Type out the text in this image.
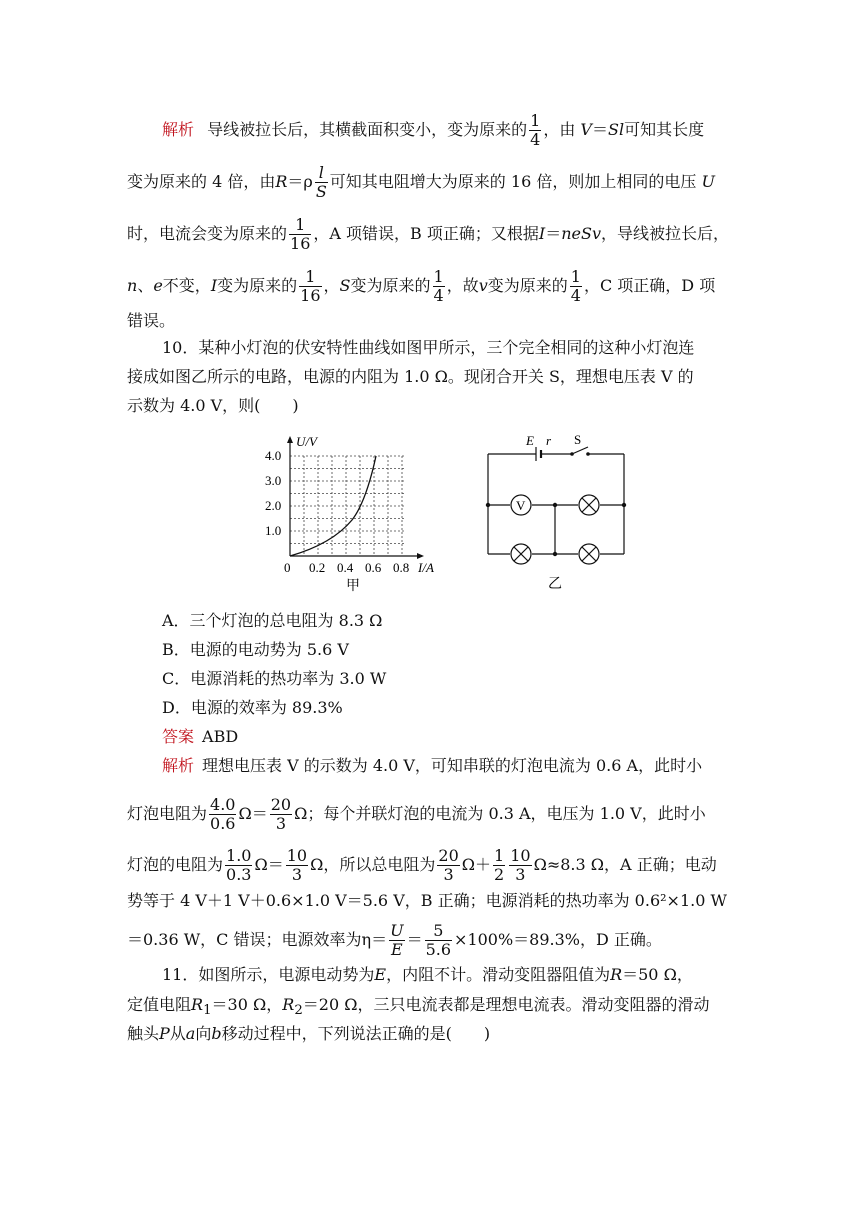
解析 导线被拉长后，其横截面积变小，变为原来的 $\frac{1}{4}$ ，由 V＝Sl可知其长度
变为原来的 4 倍，由$R=\rho \frac{l}{S}$ 可知其电阻增大为原来的 16 倍，则加上相同的电压 U
时，电流会变为原来的 $\frac{1}{16}$ ，A 项错误，B 项正确；又根据I＝neSv，导线被拉长后，
n、e不变，I变为原来的 $\frac{1}{16}$ ，S变为原来的 $\frac{1}{4}$ ，故v变为原来的 $\frac{1}{4}$ ，C 项正确，D 项
错误。
10．某种小灯泡的伏安特性曲线如图甲所示，三个完全相同的这种小灯泡连
接成如图乙所示的电路，电源的内阻为 1.0 Ω。现闭合开关 S，理想电压表 V 的
示数为 4.0 V，则(　　)
U/V
4.0
3.0
2.0
1.0
0 0.2 0.4 0.6 0.8 I/A
甲
V
E r S
乙
A．三个灯泡的总电阻为 8.3 Ω
B．电源的电动势为 5.6 V
C．电源消耗的热功率为 3.0 W
D．电源的效率为 89.3%
答案 ABD
解析 理想电压表 V 的示数为 4.0 V，可知串联的灯泡电流为 0.6 A，此时小
灯泡电阻为 $\frac{4.0}{0.6} \Omega= \frac{20}{3}$ Ω；每个并联灯泡的电流为 0.3 A，电压为 1.0 V，此时小
灯泡的电阻为 $\frac{1.0}{0.3} \Omega= \frac{10}{3}$ Ω，所以总电阻为 $\frac{20}{3} \Omega+ \frac{1}{2} \frac{10}{3} \Omega\approx 8.3$ Ω，A 正确；电动
势等于 4 V＋1 V＋0.6×1.0 V＝5.6 V，B 正确；电源消耗的热功率为 0.6²×1.0 W
＝0.36 W，C 错误；电源效率为$\eta= \frac{U}{E} = \frac{5}{5.6} \times 100\%=89.3\%$，D 正确。
11．如图所示，电源电动势为E，内阻不计。滑动变阻器阻值为R＝50 Ω，
定值电阻$R_1=30$ Ω，$R_2=20$ Ω，三只电流表都是理想电流表。滑动变阻器的滑动
触头P从a向b移动过程中，下列说法正确的是(　　)
